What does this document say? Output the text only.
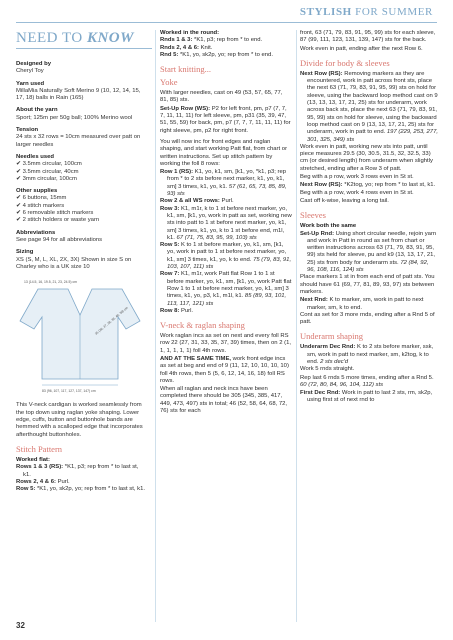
STYLISH FOR SUMMER
NEED TO KNOW
Designed by
Cheryl Toy
Yarn used
MillaMia Naturally Soft Merino 9 (10, 12, 14, 15, 17, 18) balls in Rain (165)
About the yarn
Sport; 125m per 50g ball; 100% Merino wool
Tension
24 sts x 32 rows = 10cm measured over patt on larger needles
Needles used
✔ 3.5mm circular, 100cm
✔ 3.5mm circular, 40cm
✔ 3mm circular, 100cm
Other supplies
✔ 6 buttons, 15mm
✔ 4 stitch markers
✔ 6 removable stitch markers
✔ 2 stitch holders or waste yarn
Abbreviations
See page 94 for all abbreviations
Sizing
XS (S, M, L, XL, 2X, 3X) Shown in size S on Charley who is a UK size 10
13 (14.5, 16, 19.5, 21, 23, 24.5) cm
35 (36, 37, 38, 38, 40, 39) cm
83 (96, 107, 117, 127, 137, 147) cm
This V-neck cardigan is worked seamlessly from the top down using raglan yoke shaping. Lower edge, cuffs, button and buttonhole bands are hemmed with a scalloped edge that incorporates afterthought buttonholes.
Stitch Pattern
Worked flat:
Rows 1 & 3 (RS): *K1, p3; rep from * to last st, k1.
Rows 2, 4 & 6: Purl.
Row 5: *K1, yo, sk2p, yo; rep from * to last st, k1.
Worked in the round:
Rnds 1 & 3: *K1, p3; rep from * to end.
Rnds 2, 4 & 6: Knit.
Rnd 5: *K1, yo, sk2p, yo; rep from * to end.
Start knitting...
Yoke
With larger needles, cast on 49 (53, 57, 65, 77, 81, 85) sts.
Set-Up Row (WS): P2 for left front, pm, p7 (7, 7, 7, 11, 11, 11) for left sleeve, pm, p31 (35, 39, 47, 51, 55, 59) for back, pm, p7 (7, 7, 7, 11, 11, 11) for right sleeve, pm, p2 for right front.
You will now inc for front edges and raglan shaping, and start working Patt flat, from chart or written instructions. Set up stitch pattern by working the foll 8 rows:
Row 1 (RS): K1, yo, k1, sm, [k1, yo, *k1, p3; rep from * to 2 sts before next marker, k1, yo, k1, sm] 3 times, k1, yo, k1. 57 (61, 65, 73, 85, 89, 93) sts
Row 2 & all WS rows: Purl.
Row 3: K1, m1r, k to 1 st before next marker, yo, k1, sm, [k1, yo, work in patt as set, working new sts into patt to 1 st before next marker, yo, k1, sm] 3 times, k1, yo, k to 1 st before end, m1l, k1. 67 (71, 75, 83, 95, 99, 103) sts
Row 5: K to 1 st before marker, yo, k1, sm, [k1, yo, work in patt to 1 st before next marker, yo, k1, sm] 3 times, k1, yo, k to end. 75 (79, 83, 91, 103, 107, 111) sts
Row 7: K1, m1r, work Patt flat Row 1 to 1 st before marker, yo, k1, sm, [k1, yo, work Patt flat Row 1 to 1 st before next marker, yo, k1, sm] 3 times, k1, yo, p3, k1, m1l, k1. 85 (89, 93, 101, 113, 117, 121) sts
Row 8: Purl.
V-neck & raglan shaping
Work raglan incs as set on next and every foll RS row 22 (27, 31, 33, 35, 37, 39) times, then on 2 (1, 1, 1, 1, 1, 1) foll 4th rows.
AND AT THE SAME TIME, work front edge incs as set at beg and end of 9 (11, 12, 10, 10, 10, 10) foll 4th rows, then 5 (5, 6, 12, 14, 16, 18) foll RS rows.
When all raglan and neck incs have been completed there should be 305 (345, 385, 417, 449, 473, 497) sts in total; 46 (52, 58, 64, 68, 72, 76) sts for each
front, 63 (71, 79, 83, 91, 95, 99) sts for each sleeve, 87 (99, 111, 123, 131, 139, 147) sts for the back.
Work even in patt, ending after the next Row 6.
Divide for body & sleeves
Next Row (RS): Removing markers as they are encountered, work in patt across front sts, place the next 63 (71, 79, 83, 91, 95, 99) sts on hold for sleeve, using the backward loop method cast on 9 (13, 13, 13, 17, 21, 25) sts for underarm, work across back sts, place the next 63 (71, 79, 83, 91, 95, 99) sts on hold for sleeve, using the backward loop method cast on 9 (13, 13, 17, 21, 25) sts for underarm, work in patt to end. 197 (229, 253, 277, 301, 325, 349) sts
Work even in patt, working new sts into patt, until piece measures 29.5 (30, 30.5, 31.5, 32, 32.5, 33) cm (or desired length) from underarm when slightly stretched, ending after a Row 3 of patt.
Beg with a p row, work 3 rows even in St st.
Next Row (RS): *K2tog, yo; rep from * to last st, k1.
Beg with a p row, work 4 rows even in St st.
Cast off k-wise, leaving a long tail.
Sleeves
Work both the same
Set-Up Rnd: Using short circular needle, rejoin yarn and work in Patt in round as set from chart or written instructions across 63 (71, 79, 83, 91, 95, 99) sts held for sleeve, pu and k9 (13, 13, 17, 21, 25) sts from body for underarm sts. 72 (84, 92, 96, 108, 116, 124) sts
Place markers 1 st in from each end of patt sts. You should have 61 (69, 77, 81, 89, 93, 97) sts between markers.
Next Rnd: K to marker, sm, work in patt to next marker, sm, k to end.
Cont as set for 3 more rnds, ending after a Rnd 5 of patt.
Underarm shaping
Underarm Dec Rnd: K to 2 sts before marker, ssk, sm, work in patt to next marker, sm, k2tog, k to end. 2 sts dec'd
Work 5 rnds straight.
Rep last 6 rnds 5 more times, ending after a Rnd 5. 60 (72, 80, 84, 96, 104, 112) sts
First Dec Rnd: Work in patt to last 2 sts, rm, sk2p, using first st of next rnd to
32
